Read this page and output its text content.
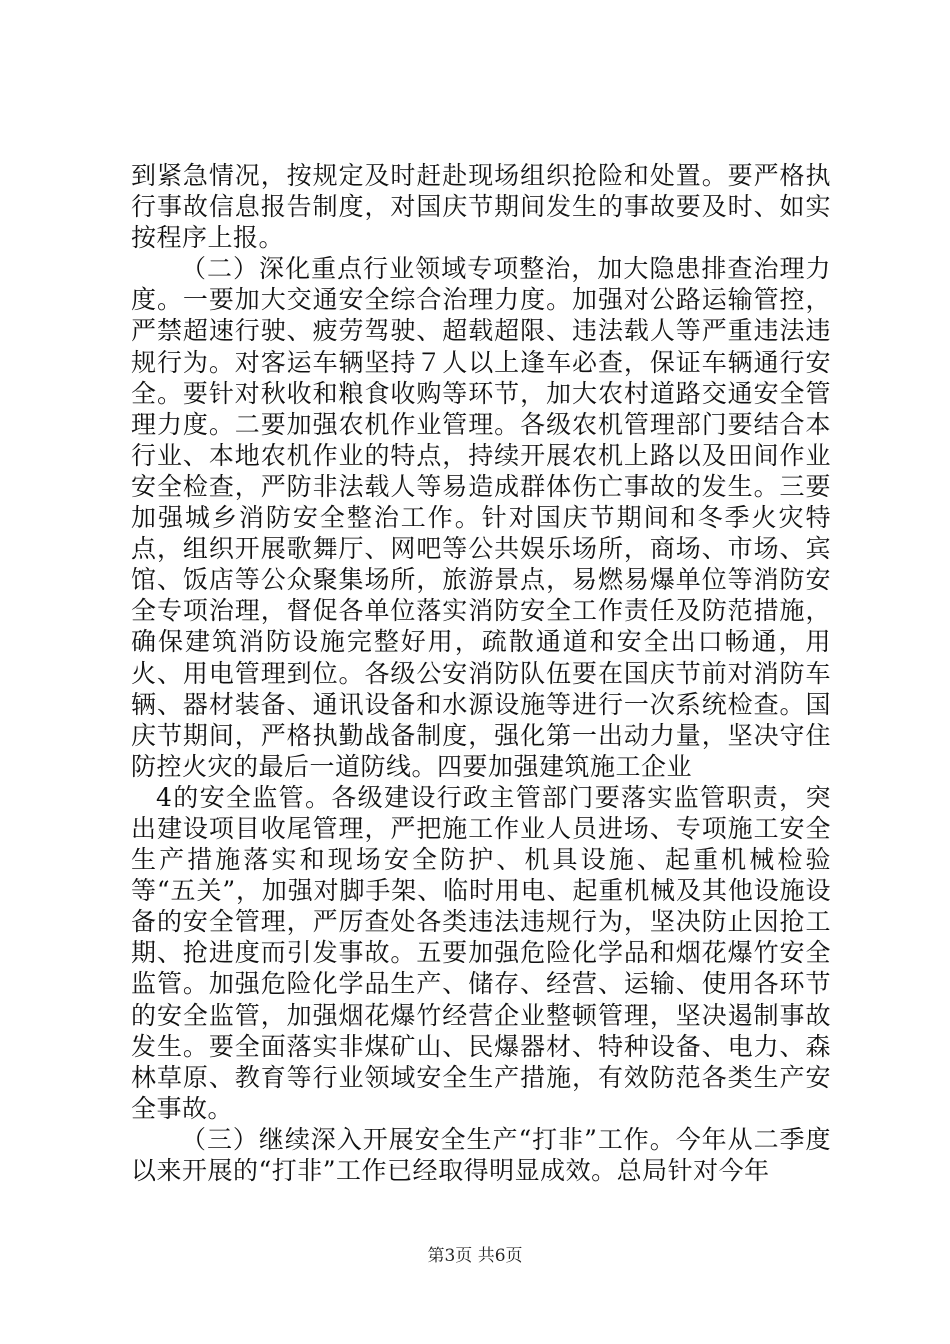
到紧急情况，按规定及时赶赴现场组织抢险和处置。要严格执行事故信息报告制度，对国庆节期间发生的事故要及时、如实按程序上报。

（二）深化重点行业领域专项整治，加大隐患排查治理力度。一要加大交通安全综合治理力度。加强对公路运输管控，严禁超速行驶、疲劳驾驶、超载超限、违法载人等严重违法违规行为。对客运车辆坚持７人以上逢车必查，保证车辆通行安全。要针对秋收和粮食收购等环节，加大农村道路交通安全管理力度。二要加强农机作业管理。各级农机管理部门要结合本行业、本地农机作业的特点，持续开展农机上路以及田间作业安全检查，严防非法载人等易造成群体伤亡事故的发生。三要加强城乡消防安全整治工作。针对国庆节期间和冬季火灾特点，组织开展歌舞厅、网吧等公共娱乐场所，商场、市场、宾馆、饭店等公众聚集场所，旅游景点，易燃易爆单位等消防安全专项治理，督促各单位落实消防安全工作责任及防范措施，确保建筑消防设施完整好用，疏散通道和安全出口畅通，用火、用电管理到位。各级公安消防队伍要在国庆节前对消防车辆、器材装备、通讯设备和水源设施等进行一次系统检查。国庆节期间，严格执勤战备制度，强化第一出动力量，坚决守住防控火灾的最后一道防线。四要加强建筑施工企业

4的安全监管。各级建设行政主管部门要落实监管职责，突出建设项目收尾管理，严把施工作业人员进场、专项施工安全生产措施落实和现场安全防护、机具设施、起重机械检验等“五关”，加强对脚手架、临时用电、起重机械及其他设施设备的安全管理，严厉查处各类违法违规行为，坚决防止因抢工期、抢进度而引发事故。五要加强危险化学品和烟花爆竹安全监管。加强危险化学品生产、储存、经营、运输、使用各环节的安全监管，加强烟花爆竹经营企业整顿管理，坚决遏制事故发生。要全面落实非煤矿山、民爆器材、特种设备、电力、森林草原、教育等行业领域安全生产措施，有效防范各类生产安全事故。

（三）继续深入开展安全生产“打非”工作。今年从二季度以来开展的“打非”工作已经取得明显成效。总局针对今年

第3页 共6页
